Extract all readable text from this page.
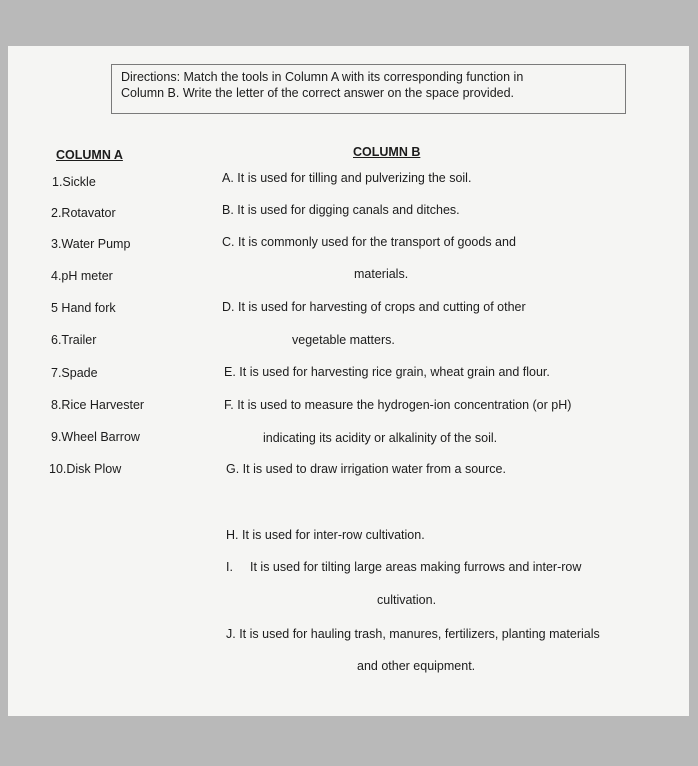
Directions: Match the tools in Column A with its corresponding function in
Column B. Write the letter of the correct answer on the space provided.
COLUMN A	COLUMN B
1.Sickle
2.Rotavator
3.Water Pump
4.pH meter
5 Hand fork
6.Trailer
7.Spade
8.Rice Harvester
9.Wheel Barrow
10.Disk Plow
A. It is used for tilling and pulverizing the soil.
B. It is used for digging canals and ditches.
C. It is commonly used for the transport of goods and
materials.
D. It is used for harvesting of crops and cutting of other
vegetable matters.
E. It is used for harvesting rice grain, wheat grain and flour.
F. It is used to measure the hydrogen-ion concentration (or pH)
indicating its acidity or alkalinity of the soil.
G. It is used to draw irrigation water from a source.
H. It is used for inter-row cultivation.
I. It is used for tilting large areas making furrows and inter-row
cultivation.
J. It is used for hauling trash, manures, fertilizers, planting materials
and other equipment.
